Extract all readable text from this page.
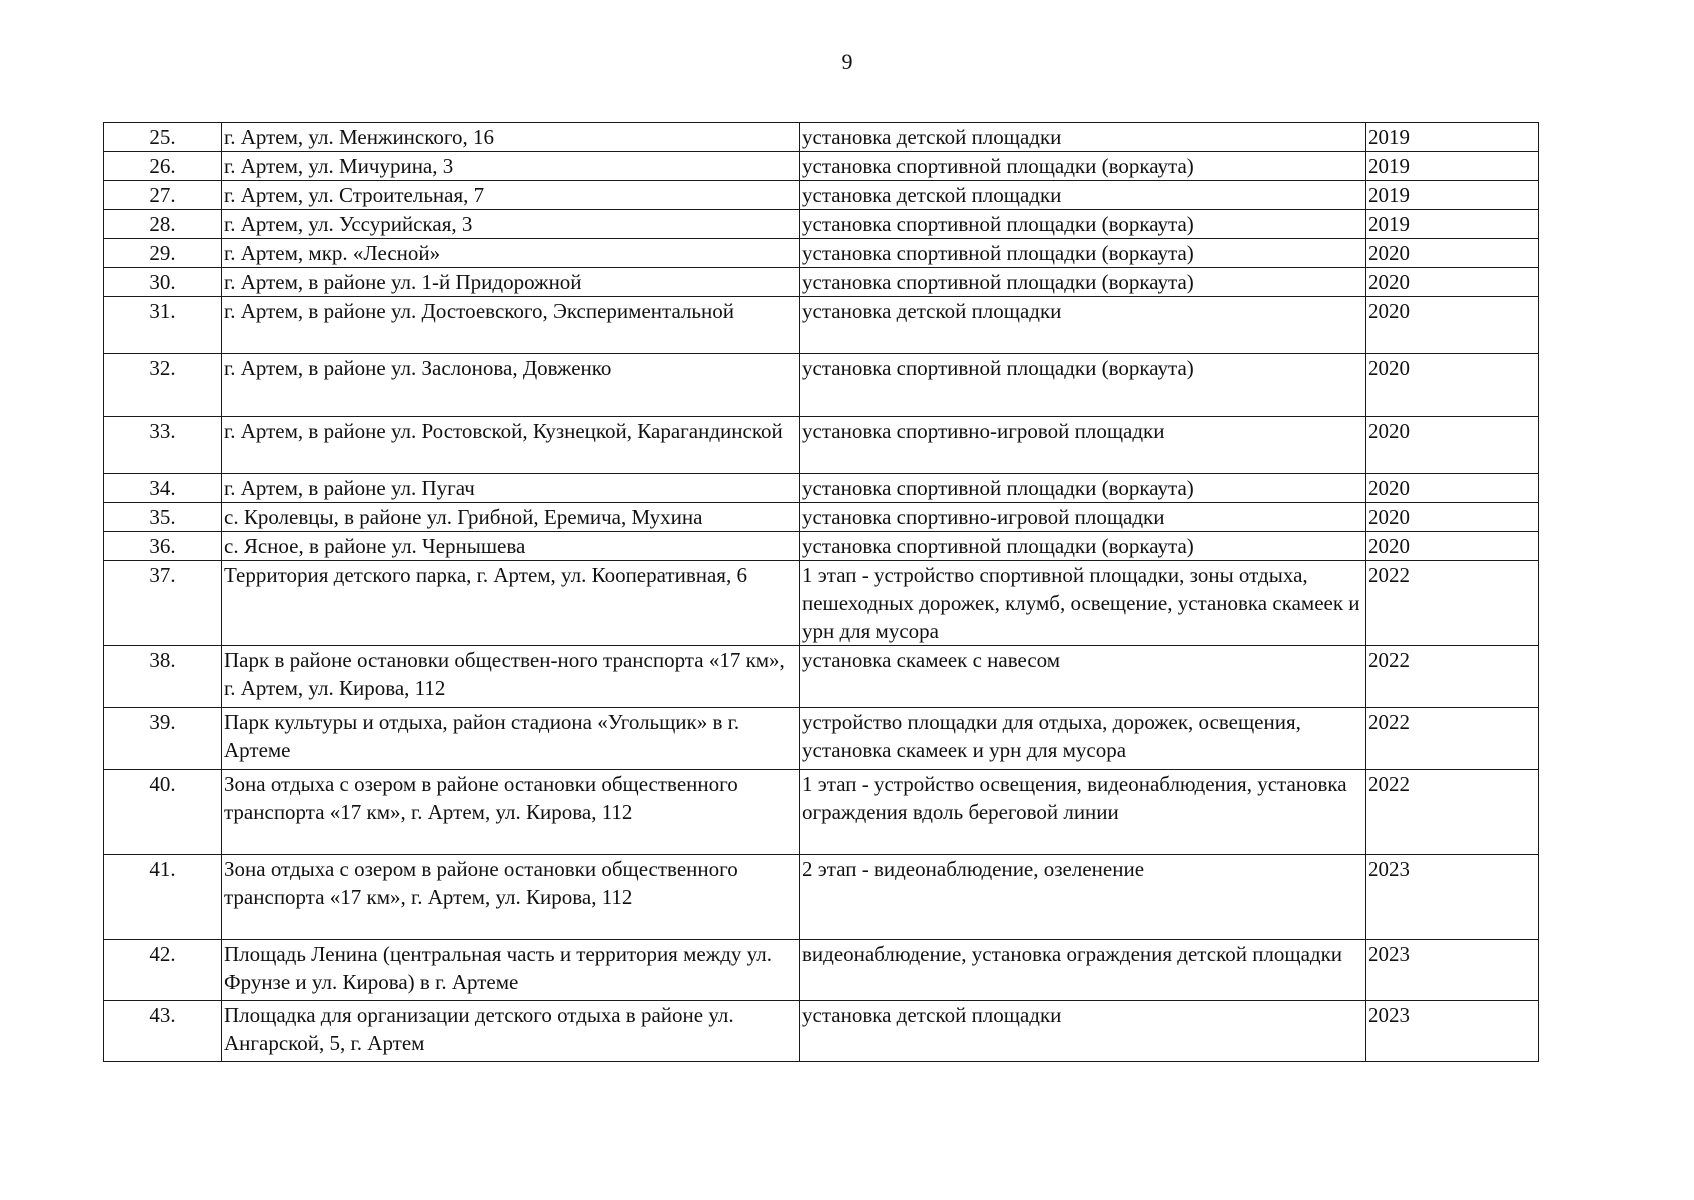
9
25.	г. Артем, ул. Менжинского, 16	установка детской площадки	2019
26.	г. Артем, ул. Мичурина, 3	установка спортивной площадки (воркаута)	2019
27.	г. Артем, ул. Строительная, 7	установка детской площадки	2019
28.	г. Артем, ул. Уссурийская, 3	установка спортивной площадки (воркаута)	2019
29.	г. Артем, мкр. «Лесной»	установка спортивной площадки (воркаута)	2020
30.	г. Артем, в районе ул. 1-й Придорожной	установка спортивной площадки (воркаута)	2020
31.	г. Артем, в районе ул. Достоевского, Экспериментальной	установка детской площадки	2020
32.	г. Артем, в районе ул. Заслонова, Довженко	установка спортивной площадки (воркаута)	2020
33.	г. Артем, в районе ул. Ростовской, Кузнецкой, Карагандинской	установка спортивно-игровой площадки	2020
34.	г. Артем, в районе ул. Пугач	установка спортивной площадки (воркаута)	2020
35.	с. Кролевцы, в районе ул. Грибной, Еремича, Мухина	установка спортивно-игровой площадки	2020
36.	с. Ясное, в районе ул. Чернышева	установка спортивной площадки (воркаута)	2020
37.	Территория детского парка, г. Артем, ул. Кооперативная, 6	1 этап - устройство спортивной площадки, зоны отдыха, пешеходных дорожек, клумб, освещение, установка скамеек и урн для мусора	2022
38.	Парк в районе остановки обществен-ного транспорта «17 км», г. Артем, ул. Кирова, 112	установка скамеек с навесом	2022
39.	Парк культуры и отдыха, район стадиона «Угольщик» в г. Артеме	устройство площадки для отдыха, дорожек, освещения, установка скамеек и урн для мусора	2022
40.	Зона отдыха с озером в районе остановки общественного транспорта «17 км», г. Артем, ул. Кирова, 112	1 этап - устройство освещения, видеонаблюдения, установка ограждения вдоль береговой линии	2022
41.	Зона отдыха с озером в районе остановки общественного транспорта «17 км», г. Артем, ул. Кирова, 112	2 этап - видеонаблюдение, озеленение	2023
42.	Площадь Ленина (центральная часть и территория между ул. Фрунзе и ул. Кирова) в г. Артеме	видеонаблюдение, установка ограждения детской площадки	2023
43.	Площадка для организации детского отдыха в районе ул. Ангарской, 5, г. Артем	установка детской площадки	2023
